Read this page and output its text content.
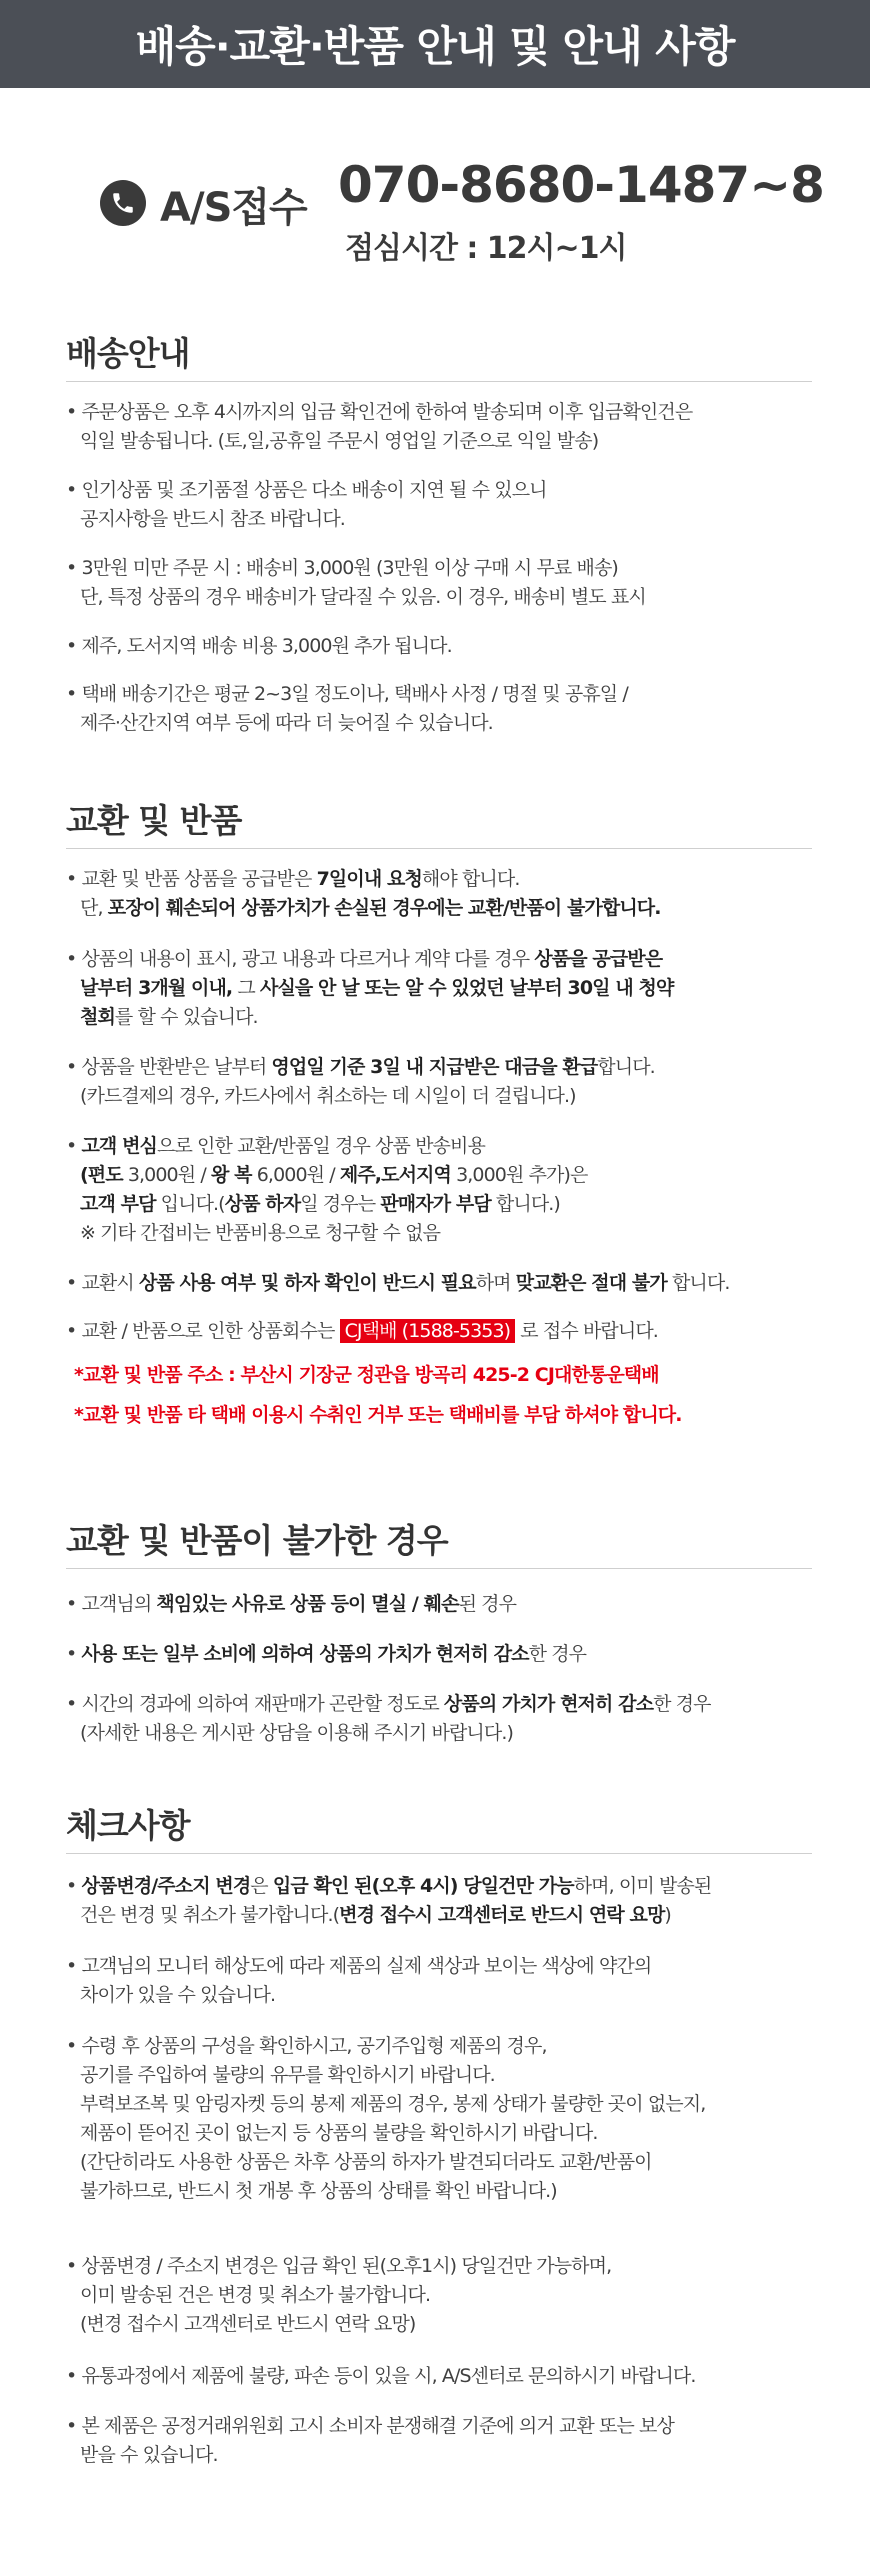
배송·교환·반품 안내 및 안내 사항
A/S접수 070-8680-1487~8
점심시간 : 12시~1시
배송안내
• 주문상품은 오후 4시까지의 입금 확인건에 한하여 발송되며 이후 입금확인건은
익일 발송됩니다. (토,일,공휴일 주문시 영업일 기준으로 익일 발송)
• 인기상품 및 조기품절 상품은 다소 배송이 지연 될 수 있으니
공지사항을 반드시 참조 바랍니다.
• 3만원 미만 주문 시 : 배송비 3,000원 (3만원 이상 구매 시 무료 배송)
단, 특정 상품의 경우 배송비가 달라질 수 있음. 이 경우, 배송비 별도 표시
• 제주, 도서지역 배송 비용 3,000원 추가 됩니다.
• 택배 배송기간은 평균 2~3일 정도이나, 택배사 사정 / 명절 및 공휴일 /
제주·산간지역 여부 등에 따라 더 늦어질 수 있습니다.
교환 및 반품
• 교환 및 반품 상품을 공급받은 7일이내 요청해야 합니다.
단, 포장이 훼손되어 상품가치가 손실된 경우에는 교환/반품이 불가합니다.
• 상품의 내용이 표시, 광고 내용과 다르거나 계약 다를 경우 상품을 공급받은
날부터 3개월 이내, 그 사실을 안 날 또는 알 수 있었던 날부터 30일 내 청약
철회를 할 수 있습니다.
• 상품을 반환받은 날부터 영업일 기준 3일 내 지급받은 대금을 환급합니다.
(카드결제의 경우, 카드사에서 취소하는 데 시일이 더 걸립니다.)
• 고객 변심으로 인한 교환/반품일 경우 상품 반송비용
(편도 3,000원 / 왕 복 6,000원 / 제주,도서지역 3,000원 추가)은
고객 부담 입니다.(상품 하자일 경우는 판매자가 부담 합니다.)
※ 기타 간접비는 반품비용으로 청구할 수 없음
• 교환시 상품 사용 여부 및 하자 확인이 반드시 필요하며 맞교환은 절대 불가 합니다.
• 교환 / 반품으로 인한 상품회수는 CJ택배 (1588-5353) 로 접수 바랍니다.
*교환 및 반품 주소 : 부산시 기장군 정관읍 방곡리 425-2 CJ대한통운택배
*교환 및 반품 타 택배 이용시 수취인 거부 또는 택배비를 부담 하셔야 합니다.
교환 및 반품이 불가한 경우
• 고객님의 책임있는 사유로 상품 등이 멸실 / 훼손된 경우
• 사용 또는 일부 소비에 의하여 상품의 가치가 현저히 감소한 경우
• 시간의 경과에 의하여 재판매가 곤란할 정도로 상품의 가치가 현저히 감소한 경우
(자세한 내용은 게시판 상담을 이용해 주시기 바랍니다.)
체크사항
• 상품변경/주소지 변경은 입금 확인 된(오후 4시) 당일건만 가능하며, 이미 발송된
건은 변경 및 취소가 불가합니다.(변경 접수시 고객센터로 반드시 연락 요망)
• 고객님의 모니터 해상도에 따라 제품의 실제 색상과 보이는 색상에 약간의
차이가 있을 수 있습니다.
• 수령 후 상품의 구성을 확인하시고, 공기주입형 제품의 경우,
공기를 주입하여 불량의 유무를 확인하시기 바랍니다.
부력보조복 및 암링자켓 등의 봉제 제품의 경우, 봉제 상태가 불량한 곳이 없는지,
제품이 뜯어진 곳이 없는지 등 상품의 불량을 확인하시기 바랍니다.
(간단히라도 사용한 상품은 차후 상품의 하자가 발견되더라도 교환/반품이
불가하므로, 반드시 첫 개봉 후 상품의 상태를 확인 바랍니다.)
• 상품변경 / 주소지 변경은 입금 확인 된(오후1시) 당일건만 가능하며,
이미 발송된 건은 변경 및 취소가 불가합니다.
(변경 접수시 고객센터로 반드시 연락 요망)
• 유통과정에서 제품에 불량, 파손 등이 있을 시, A/S센터로 문의하시기 바랍니다.
• 본 제품은 공정거래위원회 고시 소비자 분쟁해결 기준에 의거 교환 또는 보상
받을 수 있습니다.
